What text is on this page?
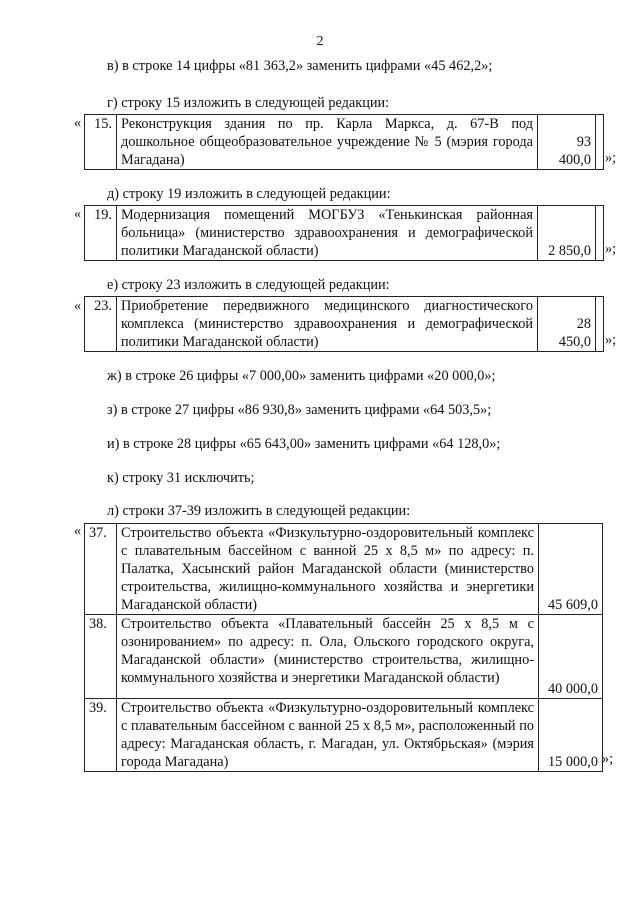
2
в) в строке 14 цифры «81 363,2» заменить цифрами «45 462,2»;
г) строку 15 изложить в следующей редакции:
« 15.	Реконструкция здания по пр. Карла Маркса, д. 67-В под дошкольное общеобразовательное учреждение № 5 (мэрия города Магадана)	93 400,0	»;
д) строку 19 изложить в следующей редакции:
« 19.	Модернизация помещений МОГБУЗ «Тенькинская районная больница» (министерство здравоохранения и демографической политики Магаданской области)	2 850,0	»;
е) строку 23 изложить в следующей редакции:
« 23.	Приобретение передвижного медицинского диагностического комплекса (министерство здравоохранения и демографической политики Магаданской области)	28 450,0	»;
ж) в строке 26 цифры «7 000,00» заменить цифрами «20 000,0»;
з) в строке 27 цифры «86 930,8» заменить цифрами «64 503,5»;
и) в строке 28 цифры «65 643,00» заменить цифрами «64 128,0»;
к) строку 31 исключить;
л) строки 37-39 изложить в следующей редакции:
« 37.	Строительство объекта «Физкультурно-оздоровительный комплекс с плавательным бассейном с ванной 25 х 8,5 м» по адресу: п. Палатка, Хасынский район Магаданской области (министерство строительства, жилищно-коммунального хозяйства и энергетики Магаданской области)	45 609,0
38.	Строительство объекта «Плавательный бассейн 25 х 8,5 м с озонированием» по адресу: п. Ола, Ольского городского округа, Магаданской области» (министерство строительства, жилищно-коммунального хозяйства и энергетики Магаданской области)	40 000,0
39.	Строительство объекта «Физкультурно-оздоровительный комплекс с плавательным бассейном с ванной 25 х 8,5 м», расположенный по адресу: Магаданская область, г. Магадан, ул. Октябрьская» (мэрия города Магадана)	15 000,0 »;
